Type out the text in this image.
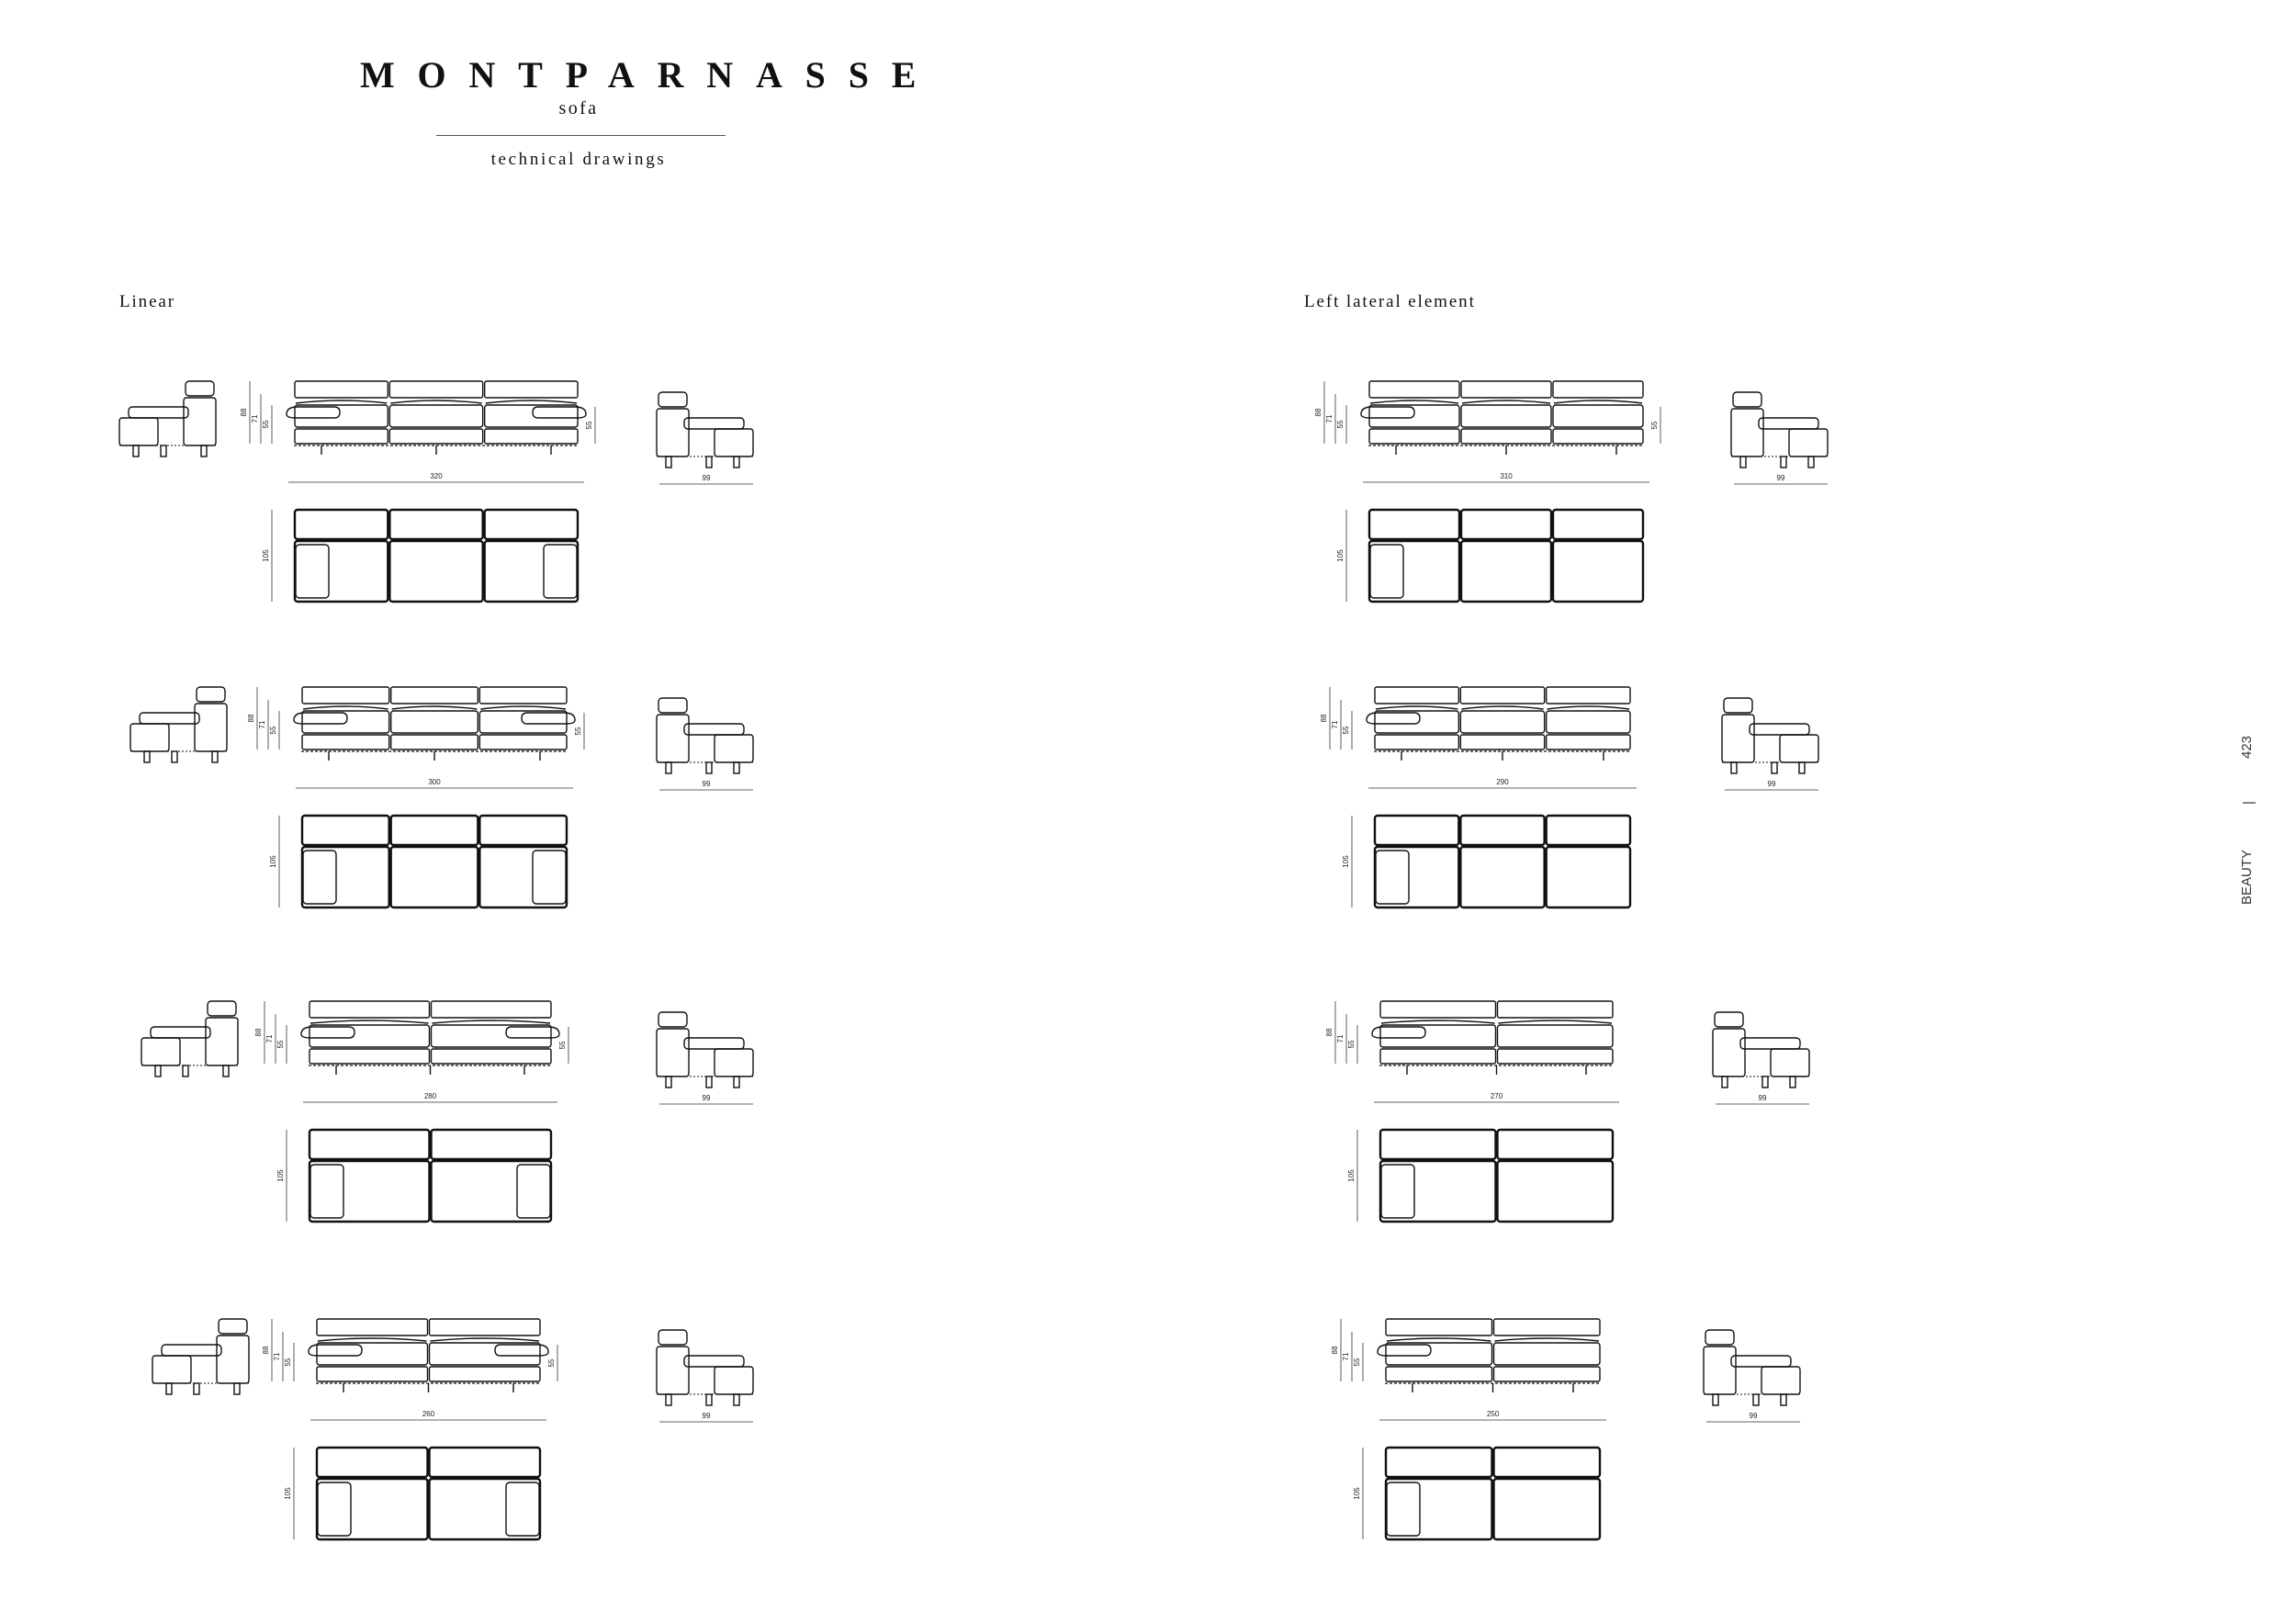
MONTPARNASSE
sofa
technical drawings
Linear	Left lateral element
88
71
55	55
320
105
99
88
71
55	55
300
105
99
88
71
55	55
280
105
99
88
71
55	55
260
105
99
88
71
55	55
310
105
99
88
71
55
290
105
99
88
71
55
270
105
99
88
71
55
250
105
99
423
|
BEAUTY
